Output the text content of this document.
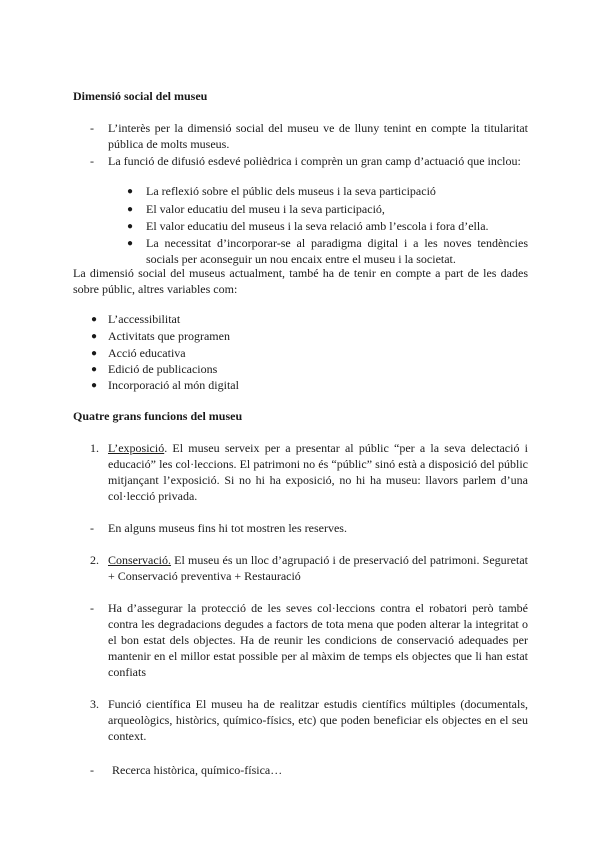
Dimensió social del museu
- L’interès per la dimensió social del museu ve de lluny tenint en compte la titularitat pública de molts museus.
- La funció de difusió esdevé polièdrica i comprèn un gran camp d’actuació que inclou:
● La reflexió sobre el públic dels museus i la seva participació
● El valor educatiu del museu i la seva participació,
● El valor educatiu del museus i la seva relació amb l’escola i fora d’ella.
● La necessitat d’incorporar-se al paradigma digital i a les noves tendències socials per aconseguir un nou encaix entre el museu i la societat.
La dimensió social del museus actualment, també ha de tenir en compte a part de les dades sobre públic, altres variables com:
● L’accessibilitat
● Activitats que programen
● Acció educativa
● Edició de publicacions
● Incorporació al món digital
Quatre grans funcions del museu
1. L’exposició. El museu serveix per a presentar al públic “per a la seva delectació i educació” les col·leccions. El patrimoni no és “públic” sinó està a disposició del públic mitjançant l’exposició. Si no hi ha exposició, no hi ha museu: llavors parlem d’una col·lecció privada.
- En alguns museus fins hi tot mostren les reserves.
2. Conservació. El museu és un lloc d’agrupació i de preservació del patrimoni. Seguretat + Conservació preventiva + Restauració
- Ha d’assegurar la protecció de les seves col·leccions contra el robatori però també contra les degradacions degudes a factors de tota mena que poden alterar la integritat o el bon estat dels objectes. Ha de reunir les condicions de conservació adequades per mantenir en el millor estat possible per al màxim de temps els objectes que li han estat confiats
3. Funció científica El museu ha de realitzar estudis científics múltiples (documentals, arqueològics, històrics, químico-físics, etc) que poden beneficiar els objectes en el seu context.
- Recerca històrica, químico-física…
